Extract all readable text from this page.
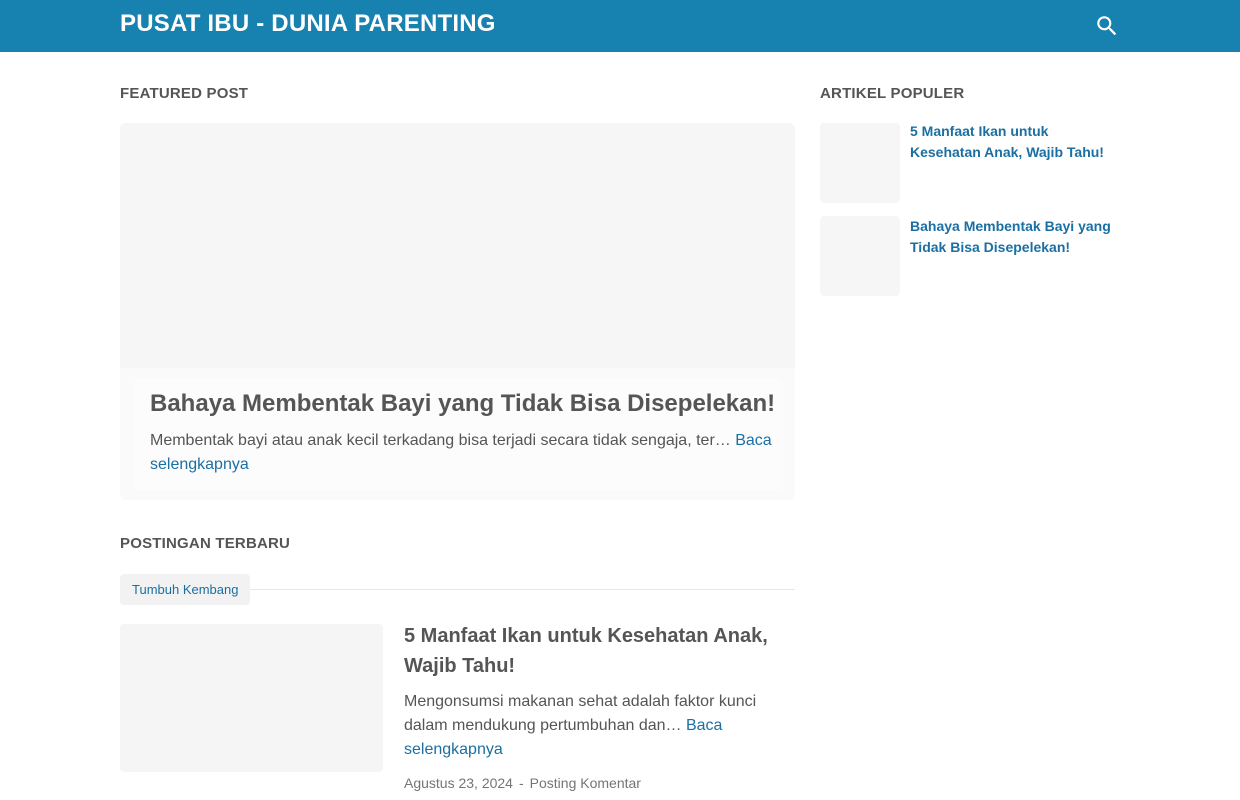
PUSAT IBU - DUNIA PARENTING
FEATURED POST
Bahaya Membentak Bayi yang Tidak Bisa Disepelekan!
Membentak bayi atau anak kecil terkadang bisa terjadi secara tidak sengaja, ter… Baca selengkapnya
POSTINGAN TERBARU
Tumbuh Kembang
5 Manfaat Ikan untuk Kesehatan Anak, Wajib Tahu!
Mengonsumsi makanan sehat adalah faktor kunci dalam mendukung pertumbuhan dan… Baca selengkapnya
Agustus 23, 2024 - Posting Komentar
ARTIKEL POPULER
5 Manfaat Ikan untuk Kesehatan Anak, Wajib Tahu!
Bahaya Membentak Bayi yang Tidak Bisa Disepelekan!
